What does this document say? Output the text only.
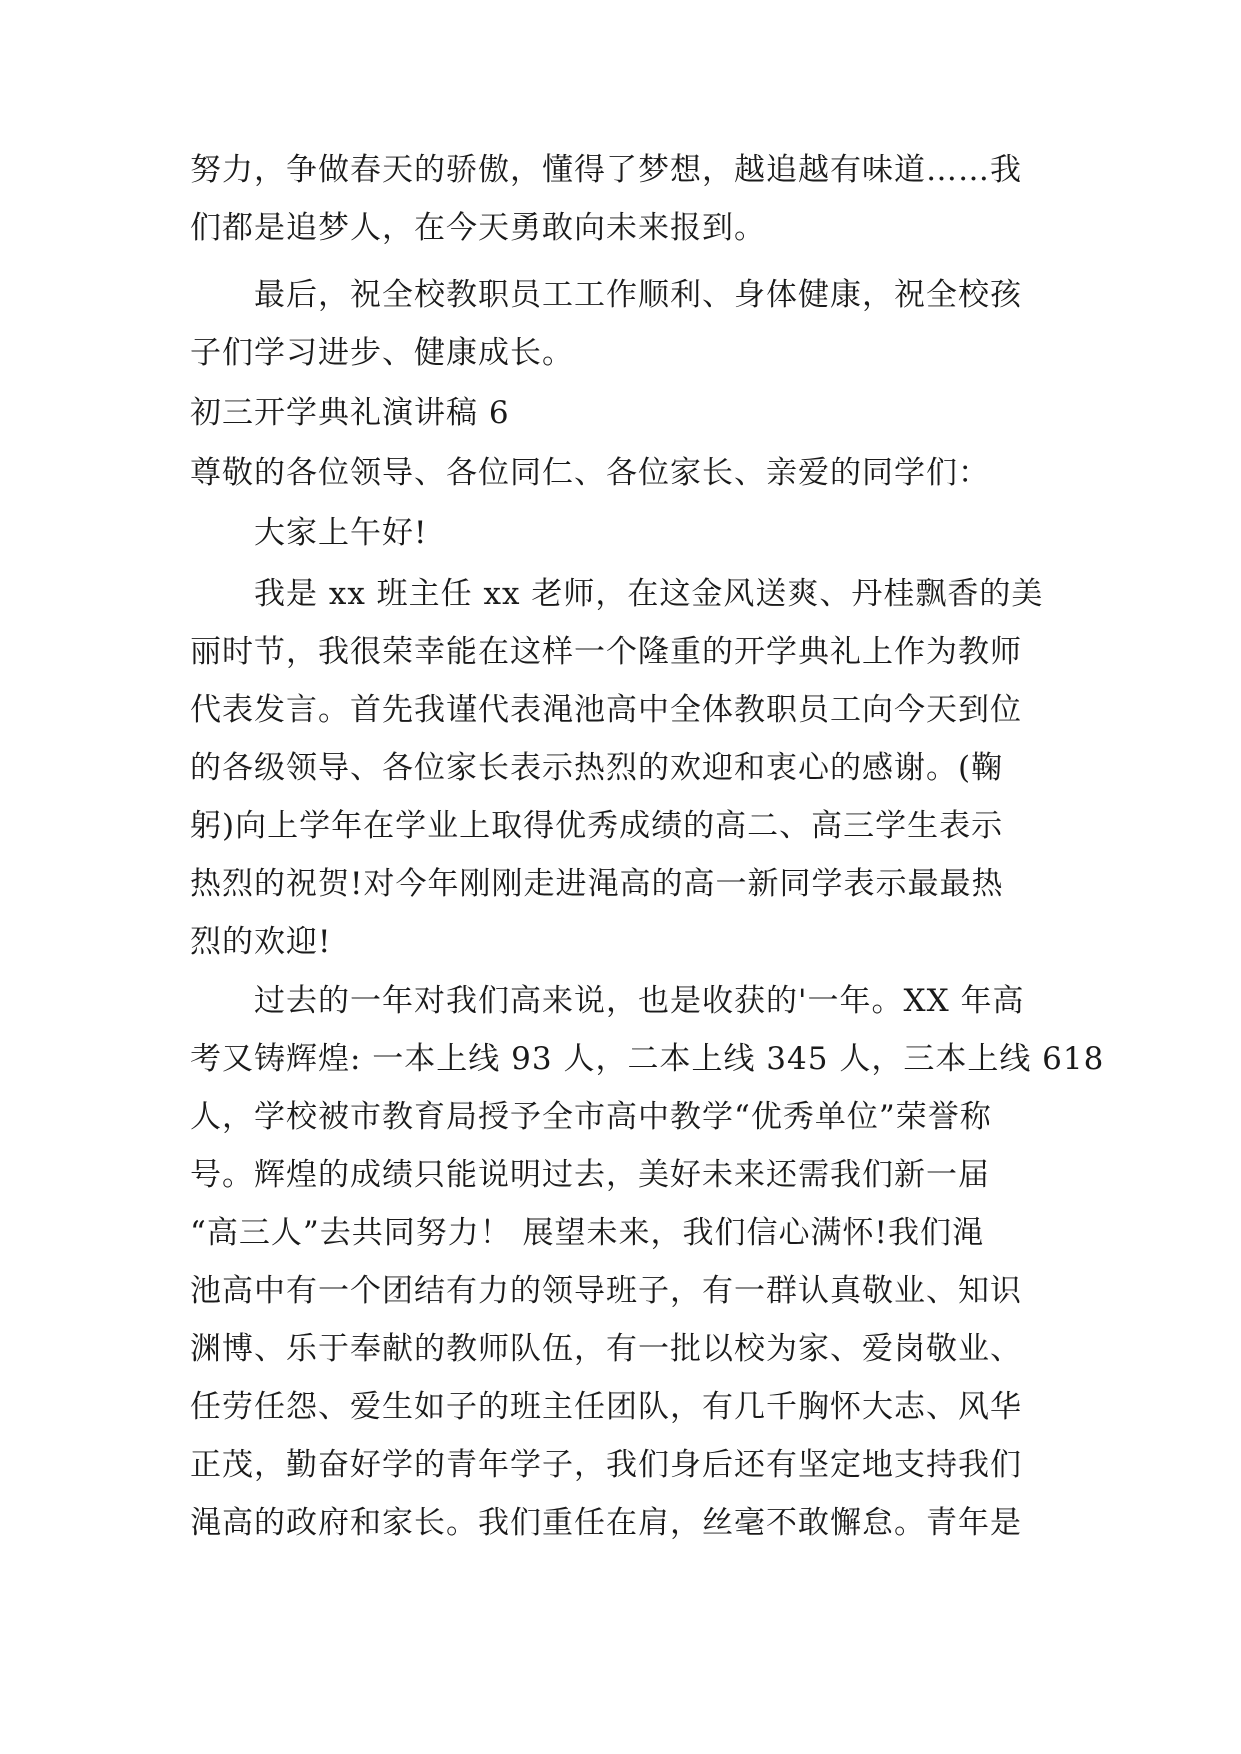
努力，争做春天的骄傲，懂得了梦想，越追越有味道……我
们都是追梦人，在今天勇敢向未来报到。
最后，祝全校教职员工工作顺利、身体健康，祝全校孩
子们学习进步、健康成长。
初三开学典礼演讲稿 6
尊敬的各位领导、各位同仁、各位家长、亲爱的同学们：
大家上午好!
我是 xx 班主任 xx 老师，在这金风送爽、丹桂飘香的美
丽时节，我很荣幸能在这样一个隆重的开学典礼上作为教师
代表发言。首先我谨代表渑池高中全体教职员工向今天到位
的各级领导、各位家长表示热烈的欢迎和衷心的感谢。(鞠
躬)向上学年在学业上取得优秀成绩的高二、高三学生表示
热烈的祝贺!对今年刚刚走进渑高的高一新同学表示最最热
烈的欢迎!
过去的一年对我们高来说，也是收获的'一年。XX 年高
考又铸辉煌: 一本上线 93 人，二本上线 345 人，三本上线 618
人，学校被市教育局授予全市高中教学“优秀单位”荣誉称
号。辉煌的成绩只能说明过去，美好未来还需我们新一届
“高三人”去共同努力！ 展望未来，我们信心满怀!我们渑
池高中有一个团结有力的领导班子，有一群认真敬业、知识
渊博、乐于奉献的教师队伍，有一批以校为家、爱岗敬业、
任劳任怨、爱生如子的班主任团队，有几千胸怀大志、风华
正茂，勤奋好学的青年学子，我们身后还有坚定地支持我们
渑高的政府和家长。我们重任在肩，丝毫不敢懈怠。青年是
